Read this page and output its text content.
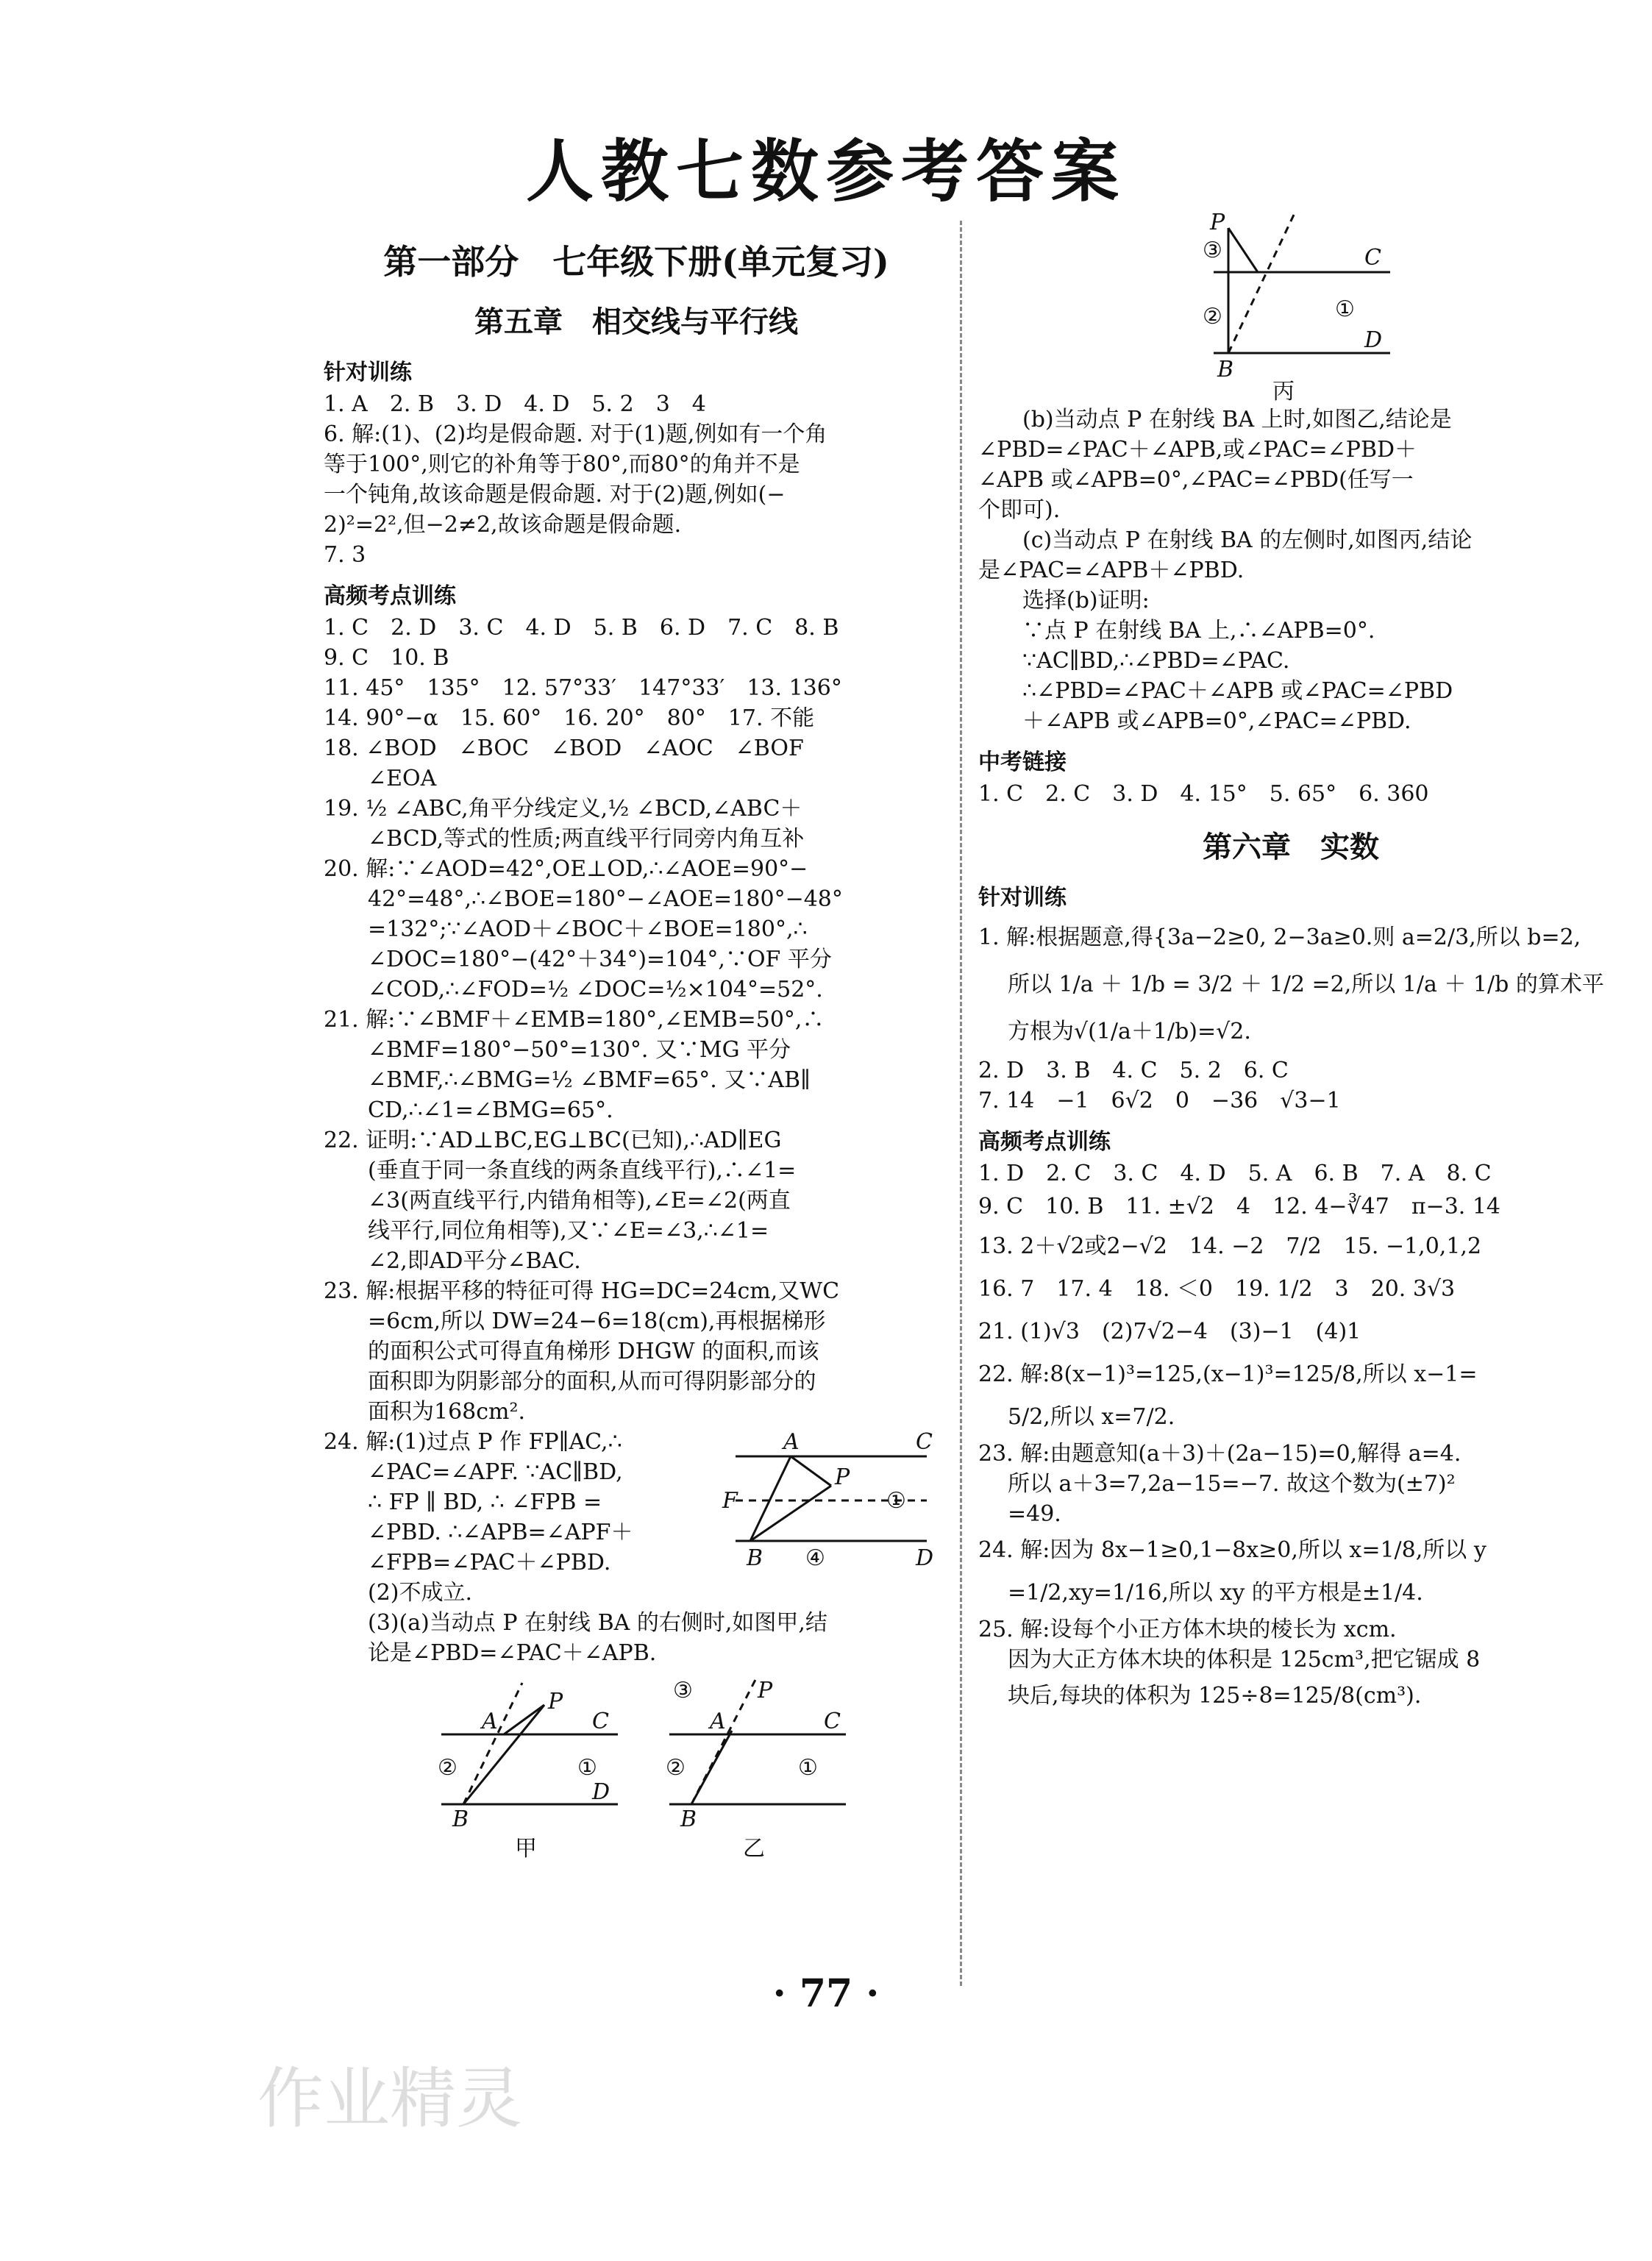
人教七数参考答案
第一部分　七年级下册(单元复习)
第五章　相交线与平行线
针对训练
1. A　2. B　3. D　4. D　5. 2　3　4
6. 解:(1)、(2)均是假命题. 对于(1)题,例如有一个角
等于100°,则它的补角等于80°,而80°的角并不是
一个钝角,故该命题是假命题. 对于(2)题,例如(−
2)²=2²,但−2≠2,故该命题是假命题.
7. 3
高频考点训练
1. C　2. D　3. C　4. D　5. B　6. D　7. C　8. B
9. C　10. B
11. 45°　135°　12. 57°33′　147°33′　13. 136°
14. 90°−α　15. 60°　16. 20°　80°　17. 不能
18. ∠BOD　∠BOC　∠BOD　∠AOC　∠BOF
∠EOA
19. ½ ∠ABC,角平分线定义,½ ∠BCD,∠ABC＋
∠BCD,等式的性质;两直线平行同旁内角互补
20. 解:∵∠AOD=42°,OE⊥OD,∴∠AOE=90°−
42°=48°,∴∠BOE=180°−∠AOE=180°−48°
=132°;∵∠AOD＋∠BOC＋∠BOE=180°,∴
∠DOC=180°−(42°＋34°)=104°,∵OF 平分
∠COD,∴∠FOD=½ ∠DOC=½×104°=52°.
21. 解:∵∠BMF＋∠EMB=180°,∠EMB=50°,∴
∠BMF=180°−50°=130°. 又∵MG 平分
∠BMF,∴∠BMG=½ ∠BMF=65°. 又∵AB∥
CD,∴∠1=∠BMG=65°.
22. 证明:∵AD⊥BC,EG⊥BC(已知),∴AD∥EG
(垂直于同一条直线的两条直线平行),∴∠1=
∠3(两直线平行,内错角相等),∠E=∠2(两直
线平行,同位角相等),又∵∠E=∠3,∴∠1=
∠2,即AD平分∠BAC.
23. 解:根据平移的特征可得 HG=DC=24cm,又WC
=6cm,所以 DW=24−6=18(cm),再根据梯形
的面积公式可得直角梯形 DHGW 的面积,而该
面积即为阴影部分的面积,从而可得阴影部分的
面积为168cm².
24. 解:(1)过点 P 作 FP∥AC,∴
∠PAC=∠APF. ∵AC∥BD,
∴ FP ∥ BD, ∴ ∠FPB =
∠PBD. ∴∠APB=∠APF＋
∠FPB=∠PAC＋∠PBD.
A	C
P
F	①
B ④	D
(2)不成立.
(3)(a)当动点 P 在射线 BA 的右侧时,如图甲,结
论是∠PBD=∠PAC＋∠APB.
P
A	C
②	①
D
B
甲
③	P
A	C
②	①
B
乙
P
③	C
②	①
D
B
丙
(b)当动点 P 在射线 BA 上时,如图乙,结论是
∠PBD=∠PAC＋∠APB,或∠PAC=∠PBD＋
∠APB 或∠APB=0°,∠PAC=∠PBD(任写一
个即可).
(c)当动点 P 在射线 BA 的左侧时,如图丙,结论
是∠PAC=∠APB＋∠PBD.
选择(b)证明:
∵点 P 在射线 BA 上,∴∠APB=0°.
∵AC∥BD,∴∠PBD=∠PAC.
∴∠PBD=∠PAC＋∠APB 或∠PAC=∠PBD
＋∠APB 或∠APB=0°,∠PAC=∠PBD.
中考链接
1. C　2. C　3. D　4. 15°　5. 65°　6. 360
第六章　实数
针对训练
1. 解:根据题意,得{3a−2≥0, 2−3a≥0.则 a=2/3,所以 b=2,
所以 1/a ＋ 1/b = 3/2 ＋ 1/2 =2,所以 1/a ＋ 1/b 的算术平
方根为√(1/a＋1/b)=√2.
2. D　3. B　4. C　5. 2　6. C
7. 14　−1　6√2　0　−36　√3−1
高频考点训练
1. D　2. C　3. C　4. D　5. A　6. B　7. A　8. C
9. C　10. B　11. ±√2　4　12. 4−∛47　π−3. 14
13. 2＋√2或2−√2　14. −2　7/2　15. −1,0,1,2
16. 7　17. 4　18. ＜0　19. 1/2　3　20. 3√3
21. (1)√3　(2)7√2−4　(3)−1　(4)1
22. 解:8(x−1)³=125,(x−1)³=125/8,所以 x−1=
5/2,所以 x=7/2.
23. 解:由题意知(a＋3)＋(2a−15)=0,解得 a=4.
所以 a＋3=7,2a−15=−7. 故这个数为(±7)²
=49.
24. 解:因为 8x−1≥0,1−8x≥0,所以 x=1/8,所以 y
=1/2,xy=1/16,所以 xy 的平方根是±1/4.
25. 解:设每个小正方体木块的棱长为 xcm.
因为大正方体木块的体积是 125cm³,把它锯成 8
块后,每块的体积为 125÷8=125/8(cm³).
· 77 ·
作业精灵
